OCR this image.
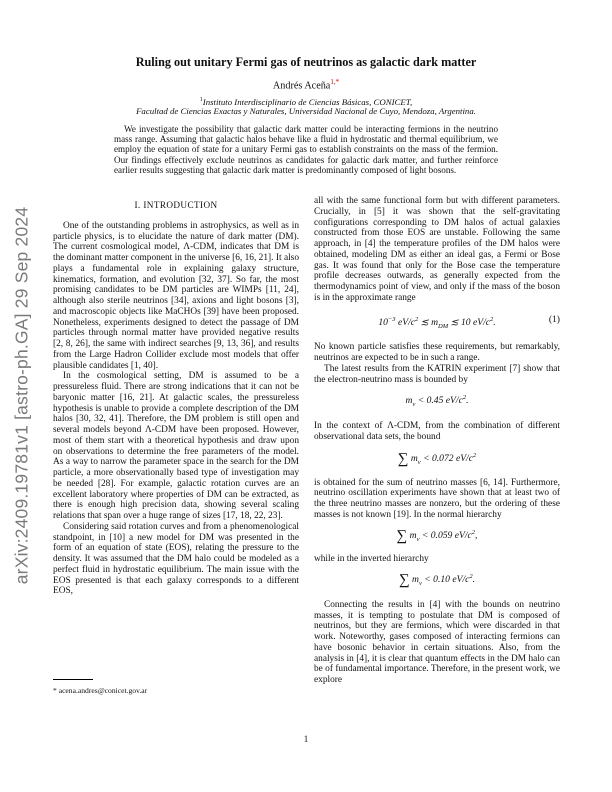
arXiv:2409.19781v1 [astro-ph.GA] 29 Sep 2024
Ruling out unitary Fermi gas of neutrinos as galactic dark matter
Andrés Aceña$^{1,*}$
$^1$Instituto Interdisciplinario de Ciencias Básicas, CONICET,
Facultad de Ciencias Exactas y Naturales, Universidad Nacional de Cuyo, Mendoza, Argentina.
We investigate the possibility that galactic dark matter could be interacting fermions in the neutrino mass range. Assuming that galactic halos behave like a fluid in hydrostatic and thermal equilibrium, we employ the equation of state for a unitary Fermi gas to establish constraints on the mass of the fermion. Our findings effectively exclude neutrinos as candidates for galactic dark matter, and further reinforce earlier results suggesting that galactic dark matter is predominantly composed of light bosons.
I. INTRODUCTION

One of the outstanding problems in astrophysics, as well as in particle physics, is to elucidate the nature of dark matter (DM). The current cosmological model, Λ-CDM, indicates that DM is the dominant matter component in the universe [6, 16, 21]. It also plays a fundamental role in explaining galaxy structure, kinematics, formation, and evolution [32, 37]. So far, the most promising candidates to be DM particles are WIMPs [11, 24], although also sterile neutrinos [34], axions and light bosons [3], and macroscopic objects like MaCHOs [39] have been proposed. Nonetheless, experiments designed to detect the passage of DM particles through normal matter have provided negative results [2, 8, 26], the same with indirect searches [9, 13, 36], and results from the Large Hadron Collider exclude most models that offer plausible candidates [1, 40].

In the cosmological setting, DM is assumed to be a pressureless fluid. There are strong indications that it can not be baryonic matter [16, 21]. At galactic scales, the pressureless hypothesis is unable to provide a complete description of the DM halos [30, 32, 41]. Therefore, the DM problem is still open and several models beyond Λ-CDM have been proposed. However, most of them start with a theoretical hypothesis and draw upon on observations to determine the free parameters of the model. As a way to narrow the parameter space in the search for the DM particle, a more observationally based type of investigation may be needed [28]. For example, galactic rotation curves are an excellent laboratory where properties of DM can be extracted, as there is enough high precision data, showing several scaling relations that span over a huge range of sizes [17, 18, 22, 23].

Considering said rotation curves and from a phenomenological standpoint, in [10] a new model for DM was presented in the form of an equation of state (EOS), relating the pressure to the density. It was assumed that the DM halo could be modeled as a perfect fluid in hydrostatic equilibrium. The main issue with the EOS presented is that each galaxy corresponds to a different EOS,

all with the same functional form but with different parameters. Crucially, in [5] it was shown that the self-gravitating configurations corresponding to DM halos of actual galaxies constructed from those EOS are unstable. Following the same approach, in [4] the temperature profiles of the DM halos were obtained, modeling DM as either an ideal gas, a Fermi or Bose gas. It was found that only for the Bose case the temperature profile decreases outwards, as generally expected from the thermodynamics point of view, and only if the mass of the boson is in the approximate range

$10^{-3}$ $eV/c^2$ ≲ $m_{DM}$ ≲ 10 $eV/c^2$.	(1)

No known particle satisfies these requirements, but remarkably, neutrinos are expected to be in such a range.

The latest results from the KATRIN experiment [7] show that the electron-neutrino mass is bounded by

$m_\nu < 0.45$ $eV/c^2$.

In the context of Λ-CDM, from the combination of different observational data sets, the bound

∑ $m_\nu < 0.072$ $eV/c^2$

is obtained for the sum of neutrino masses [6, 14]. Furthermore, neutrino oscillation experiments have shown that at least two of the three neutrino masses are nonzero, but the ordering of these masses is not known [19]. In the normal hierarchy

∑ $m_\nu < 0.059$ $eV/c^2$,

while in the inverted hierarchy

∑ $m_\nu < 0.10$ $eV/c^2$.

Connecting the results in [4] with the bounds on neutrino masses, it is tempting to postulate that DM is composed of neutrinos, but they are fermions, which were discarded in that work. Noteworthy, gases composed of interacting fermions can have bosonic behavior in certain situations. Also, from the analysis in [4], it is clear that quantum effects in the DM halo can be of fundamental importance. Therefore, in the present work, we explore

* acena.andres@conicet.gov.ar
1
